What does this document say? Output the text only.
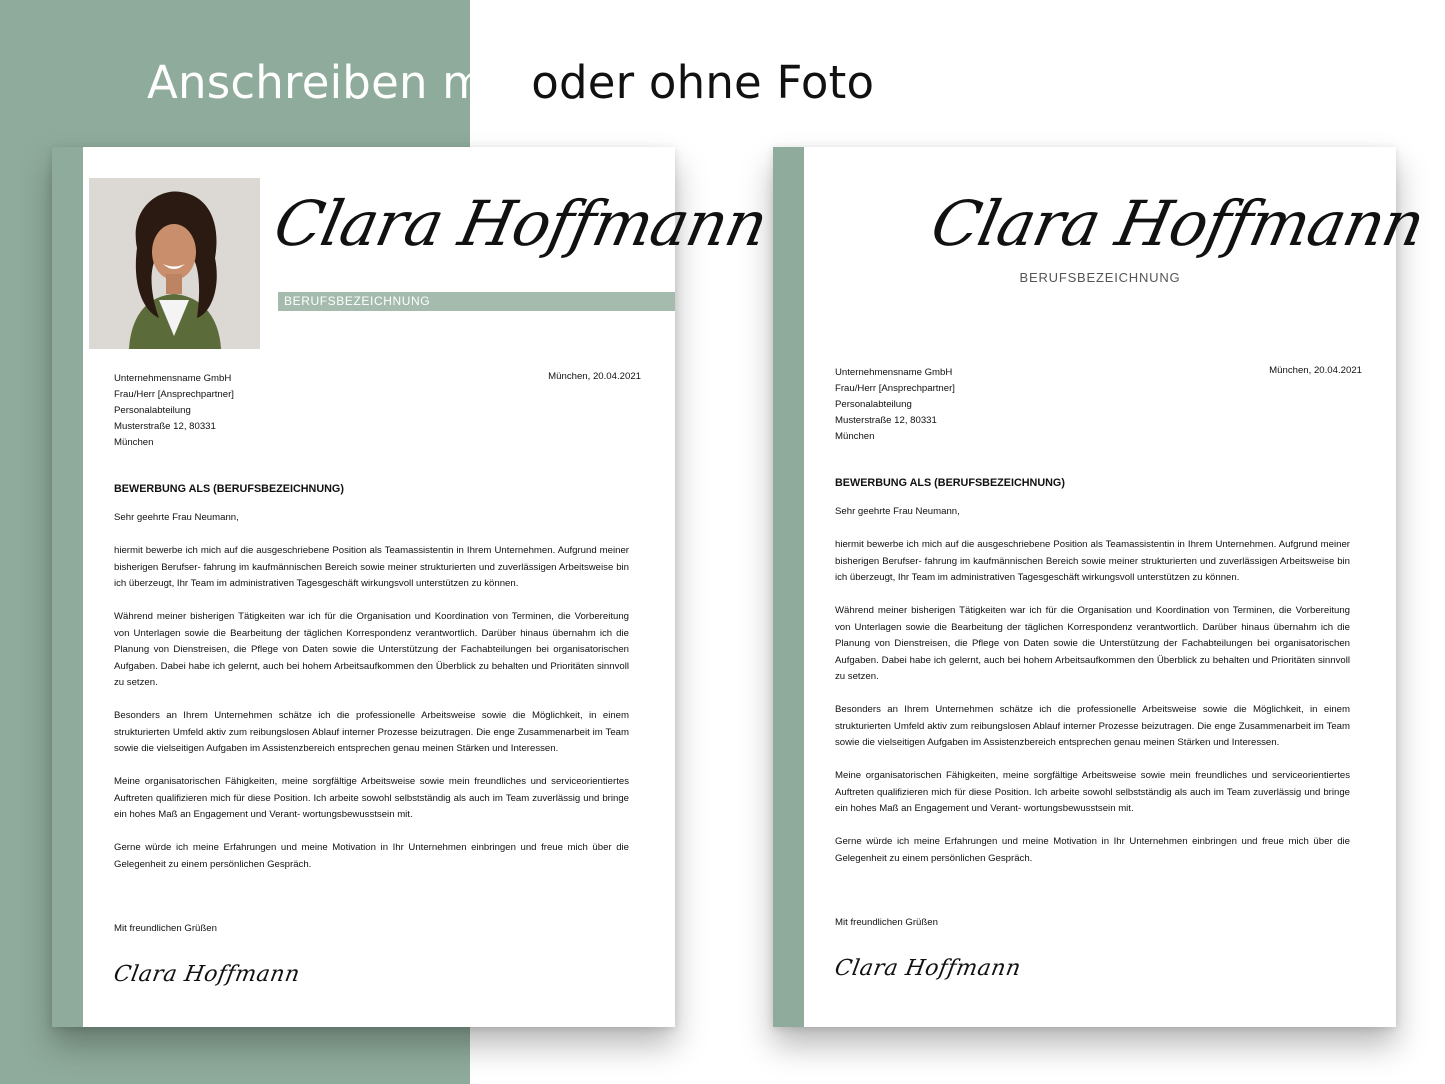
Anschreiben mit oder ohne Foto
Clara Hoffmann
BERUFSBEZEICHNUNG
Unternehmensname GmbH
Frau/Herr [Ansprechpartner]
Personalabteilung
Musterstraße 12, 80331
München
München, 20.04.2021
BEWERBUNG ALS (BERUFSBEZEICHNUNG)
Sehr geehrte Frau Neumann,

hiermit bewerbe ich mich auf die ausgeschriebene Position als Teamassistentin in Ihrem Unternehmen. Aufgrund meiner bisherigen Berufser- fahrung im kaufmännischen Bereich sowie meiner strukturierten und zuverlässigen Arbeitsweise bin ich überzeugt, Ihr Team im administrativen Tagesgeschäft wirkungsvoll unterstützen zu können.

Während meiner bisherigen Tätigkeiten war ich für die Organisation und Koordination von Terminen, die Vorbereitung von Unterlagen sowie die Bearbeitung der täglichen Korrespondenz verantwortlich. Darüber hinaus übernahm ich die Planung von Dienstreisen, die Pflege von Daten sowie die Unterstützung der Fachabteilungen bei organisatorischen Aufgaben. Dabei habe ich gelernt, auch bei hohem Arbeitsaufkommen den Überblick zu behalten und Prioritäten sinnvoll zu setzen.

Besonders an Ihrem Unternehmen schätze ich die professionelle Arbeitsweise sowie die Möglichkeit, in einem strukturierten Umfeld aktiv zum reibungslosen Ablauf interner Prozesse beizutragen. Die enge Zusammenarbeit im Team sowie die vielseitigen Aufgaben im Assistenzbereich entsprechen genau meinen Stärken und Interessen.

Meine organisatorischen Fähigkeiten, meine sorgfältige Arbeitsweise sowie mein freundliches und serviceorientiertes Auftreten qualifizieren mich für diese Position. Ich arbeite sowohl selbstständig als auch im Team zuverlässig und bringe ein hohes Maß an Engagement und Verant- wortungsbewusstsein mit.

Gerne würde ich meine Erfahrungen und meine Motivation in Ihr Unternehmen einbringen und freue mich über die Gelegenheit zu einem persönlichen Gespräch.

Mit freundlichen Grüßen
Clara Hoffmann
Clara Hoffmann
BERUFSBEZEICHNUNG
Unternehmensname GmbH
Frau/Herr [Ansprechpartner]
Personalabteilung
Musterstraße 12, 80331
München
München, 20.04.2021
BEWERBUNG ALS (BERUFSBEZEICHNUNG)
Sehr geehrte Frau Neumann,

hiermit bewerbe ich mich auf die ausgeschriebene Position als Teamassistentin in Ihrem Unternehmen. Aufgrund meiner bisherigen Berufser- fahrung im kaufmännischen Bereich sowie meiner strukturierten und zuverlässigen Arbeitsweise bin ich überzeugt, Ihr Team im administrativen Tagesgeschäft wirkungsvoll unterstützen zu können.

Während meiner bisherigen Tätigkeiten war ich für die Organisation und Koordination von Terminen, die Vorbereitung von Unterlagen sowie die Bearbeitung der täglichen Korrespondenz verantwortlich. Darüber hinaus übernahm ich die Planung von Dienstreisen, die Pflege von Daten sowie die Unterstützung der Fachabteilungen bei organisatorischen Aufgaben. Dabei habe ich gelernt, auch bei hohem Arbeitsaufkommen den Überblick zu behalten und Prioritäten sinnvoll zu setzen.

Besonders an Ihrem Unternehmen schätze ich die professionelle Arbeitsweise sowie die Möglichkeit, in einem strukturierten Umfeld aktiv zum reibungslosen Ablauf interner Prozesse beizutragen. Die enge Zusammenarbeit im Team sowie die vielseitigen Aufgaben im Assistenzbereich entsprechen genau meinen Stärken und Interessen.

Meine organisatorischen Fähigkeiten, meine sorgfältige Arbeitsweise sowie mein freundliches und serviceorientiertes Auftreten qualifizieren mich für diese Position. Ich arbeite sowohl selbstständig als auch im Team zuverlässig und bringe ein hohes Maß an Engagement und Verant- wortungsbewusstsein mit.

Gerne würde ich meine Erfahrungen und meine Motivation in Ihr Unternehmen einbringen und freue mich über die Gelegenheit zu einem persönlichen Gespräch.

Mit freundlichen Grüßen
Clara Hoffmann
